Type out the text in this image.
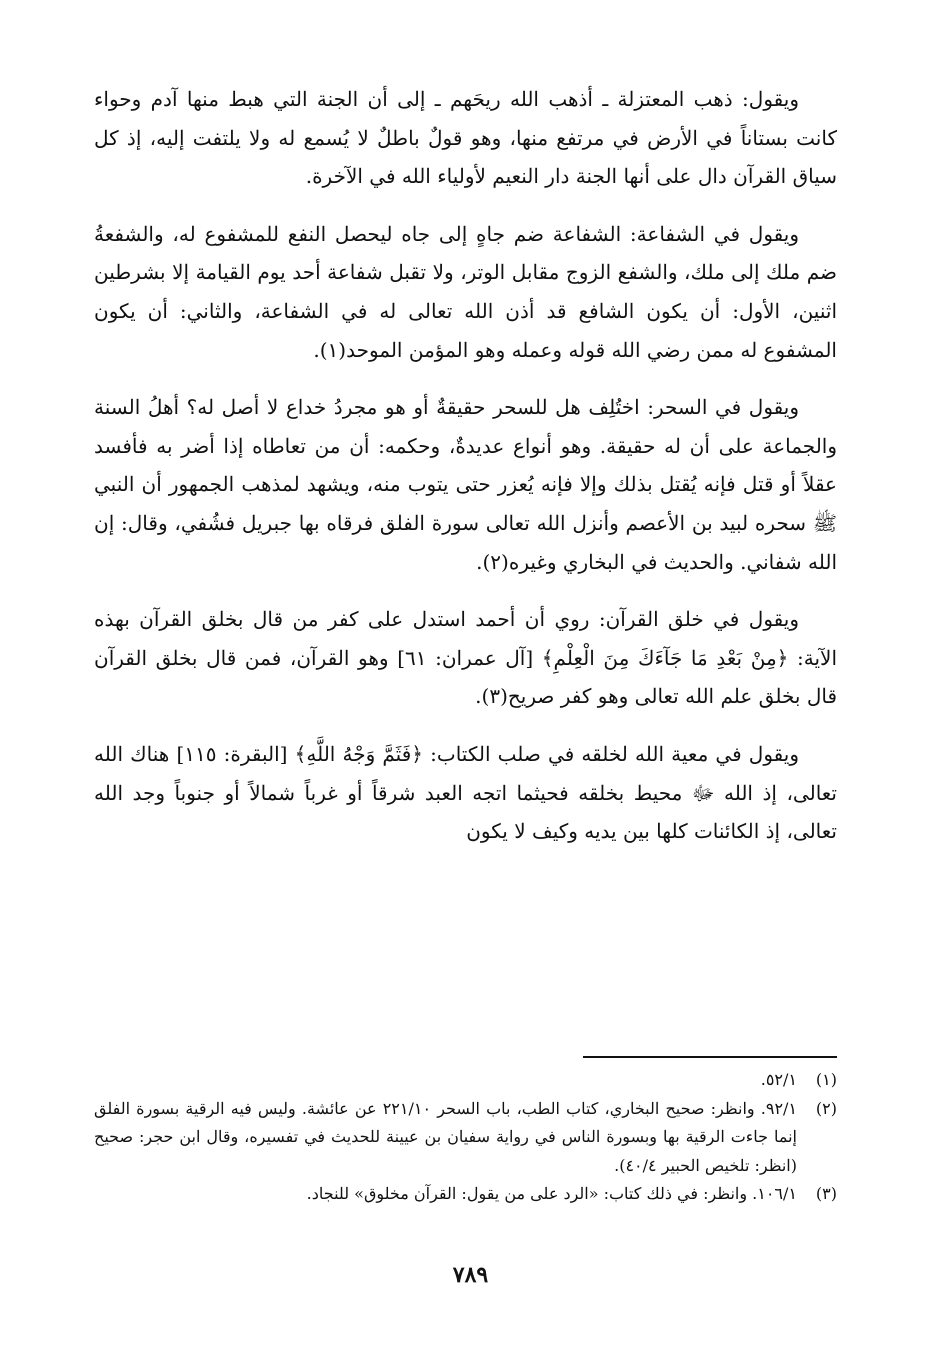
ويقول: ذهب المعتزلة ـ أذهب الله ريحَهم ـ إلى أن الجنة التي هبط منها آدم وحواء كانت بستاناً في الأرض في مرتفع منها، وهو قولٌ باطلٌ لا يُسمع له ولا يلتفت إليه، إذ كل سياق القرآن دال على أنها الجنة دار النعيم لأولياء الله في الآخرة.

ويقول في الشفاعة: الشفاعة ضم جاهٍ إلى جاه ليحصل النفع للمشفوع له، والشفعةُ ضم ملك إلى ملك، والشفع الزوج مقابل الوتر، ولا تقبل شفاعة أحد يوم القيامة إلا بشرطين اثنين، الأول: أن يكون الشافع قد أذن الله تعالى له في الشفاعة، والثاني: أن يكون المشفوع له ممن رضي الله قوله وعمله وهو المؤمن الموحد(١).

ويقول في السحر: اختُلِف هل للسحر حقيقةٌ أو هو مجردُ خداع لا أصل له؟ أهلُ السنة والجماعة على أن له حقيقة. وهو أنواع عديدةٌ، وحكمه: أن من تعاطاه إذا أضر به فأفسد عقلاً أو قتل فإنه يُقتل بذلك وإلا فإنه يُعزر حتى يتوب منه، ويشهد لمذهب الجمهور أن النبي ﷺ سحره لبيد بن الأعصم وأنزل الله تعالى سورة الفلق فرقاه بها جبريل فشُفي، وقال: إن الله شفاني. والحديث في البخاري وغيره(٢).

ويقول في خلق القرآن: روي أن أحمد استدل على كفر من قال بخلق القرآن بهذه الآية: ﴿مِنْ بَعْدِ مَا جَآءَكَ مِنَ الْعِلْمِ﴾ [آل عمران: ٦١] وهو القرآن، فمن قال بخلق القرآن قال بخلق علم الله تعالى وهو كفر صريح(٣).

ويقول في معية الله لخلقه في صلب الكتاب: ﴿فَثَمَّ وَجْهُ اللَّهِ﴾ [البقرة: ١١٥] هناك الله تعالى، إذ الله ﷻ محيط بخلقه فحيثما اتجه العبد شرقاً أو غرباً شمالاً أو جنوباً وجد الله تعالى، إذ الكائنات كلها بين يديه وكيف لا يكون

(١)
٥٢/١.
(٢)
٩٢/١. وانظر: صحيح البخاري، كتاب الطب، باب السحر ٢٢١/١٠ عن عائشة. وليس فيه الرقية بسورة الفلق إنما جاءت الرقية بها وبسورة الناس في رواية سفيان بن عيينة للحديث في تفسيره، وقال ابن حجر: صحيح (انظر: تلخيص الحبير ٤٠/٤).
(٣)
١٠٦/١. وانظر: في ذلك كتاب: «الرد على من يقول: القرآن مخلوق» للنجاد.
٧٨٩
